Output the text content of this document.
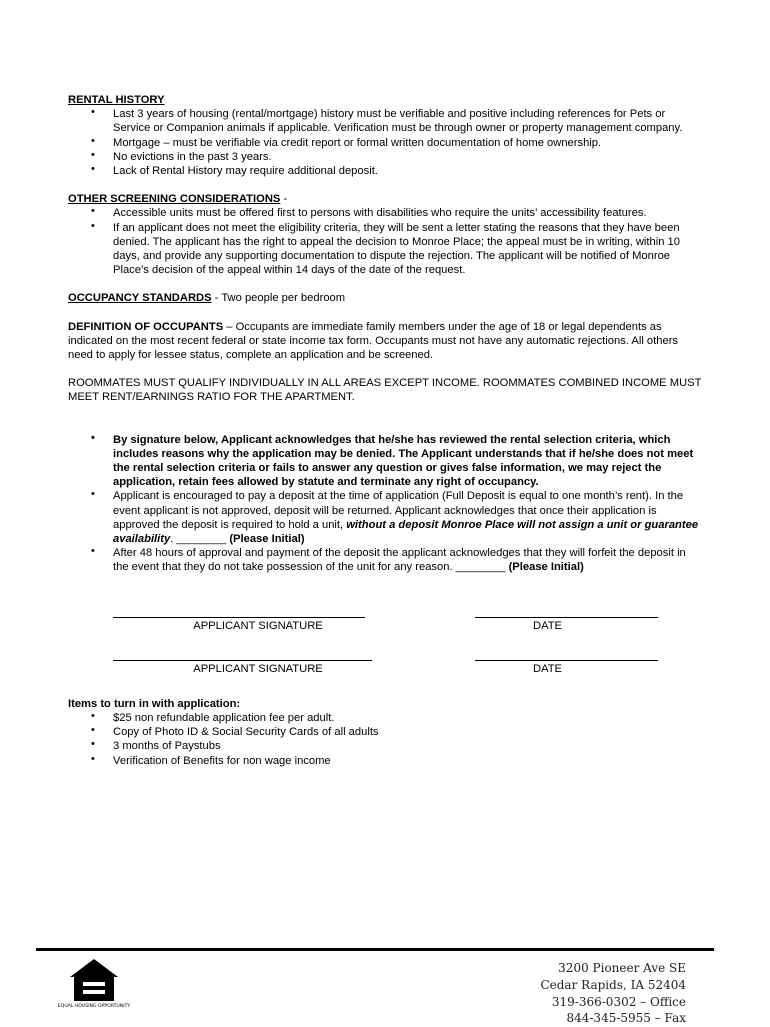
RENTAL HISTORY
• Last 3 years of housing (rental/mortgage) history must be verifiable and positive including references for Pets or Service or Companion animals if applicable. Verification must be through owner or property management company.
• Mortgage – must be verifiable via credit report or formal written documentation of home ownership.
• No evictions in the past 3 years.
• Lack of Rental History may require additional deposit.
OTHER SCREENING CONSIDERATIONS -
• Accessible units must be offered first to persons with disabilities who require the units’ accessibility features.
• If an applicant does not meet the eligibility criteria, they will be sent a letter stating the reasons that they have been denied. The applicant has the right to appeal the decision to Monroe Place; the appeal must be in writing, within 10 days, and provide any supporting documentation to dispute the rejection. The applicant will be notified of Monroe Place’s decision of the appeal within 14 days of the date of the request.

OCCUPANCY STANDARDS - Two people per bedroom

DEFINITION OF OCCUPANTS – Occupants are immediate family members under the age of 18 or legal dependents as indicated on the most recent federal or state income tax form. Occupants must not have any automatic rejections. All others need to apply for lessee status, complete an application and be screened.

ROOMMATES MUST QUALIFY INDIVIDUALLY IN ALL AREAS EXCEPT INCOME. ROOMMATES COMBINED INCOME MUST MEET RENT/EARNINGS RATIO FOR THE APARTMENT.

• By signature below, Applicant acknowledges that he/she has reviewed the rental selection criteria, which includes reasons why the application may be denied. The Applicant understands that if he/she does not meet the rental selection criteria or fails to answer any question or gives false information, we may reject the application, retain fees allowed by statute and terminate any right of occupancy.
• Applicant is encouraged to pay a deposit at the time of application (Full Deposit is equal to one month’s rent). In the event applicant is not approved, deposit will be returned. Applicant acknowledges that once their application is approved the deposit is required to hold a unit, without a deposit Monroe Place will not assign a unit or guarantee availability. ________ (Please Initial)
• After 48 hours of approval and payment of the deposit the applicant acknowledges that they will forfeit the deposit in the event that they do not take possession of the unit for any reason. ________ (Please Initial)
APPLICANT SIGNATURE	DATE
APPLICANT SIGNATURE	DATE
Items to turn in with application:
• $25 non refundable application fee per adult.
• Copy of Photo ID & Social Security Cards of all adults
• 3 months of Paystubs
• Verification of Benefits for non wage income
EQUAL HOUSING OPPORTUNITY
3200 Pioneer Ave SE
Cedar Rapids, IA 52404
319-366-0302 – Office
844-345-5955 – Fax
